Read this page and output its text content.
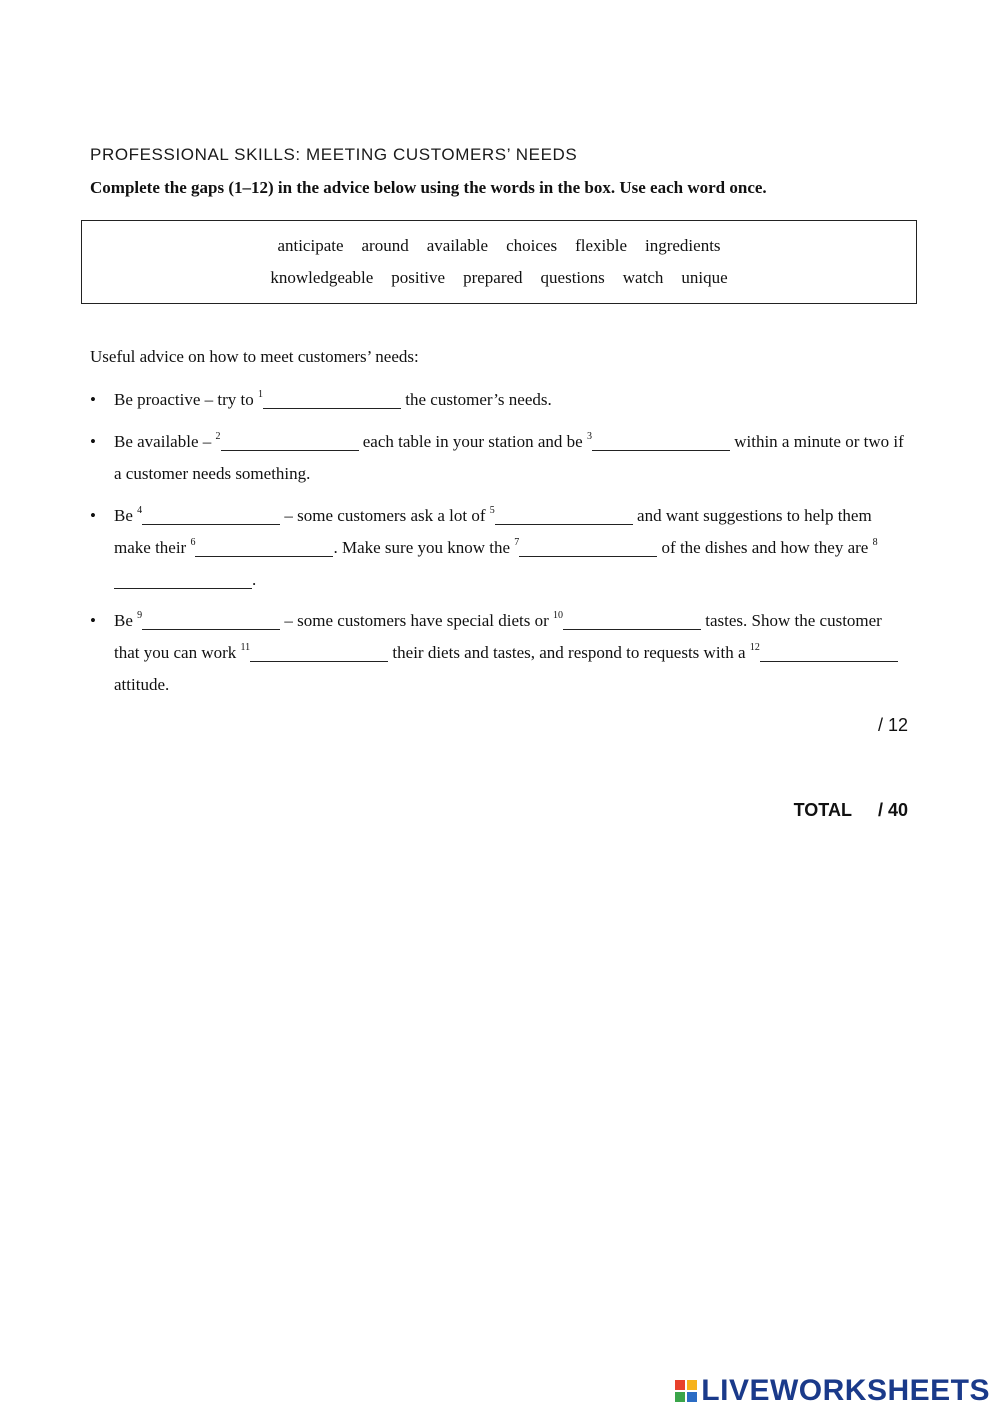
PROFESSIONAL SKILLS: MEETING CUSTOMERS’ NEEDS
Complete the gaps (1–12) in the advice below using the words in the box. Use each word once.
anticipate around available choices flexible ingredients
knowledgeable positive prepared questions watch unique
Useful advice on how to meet customers’ needs:
• Be proactive – try to $^1$	the customer’s needs.
• Be available – $^2$	each table in your station and be $^3$	within a minute or two if a customer needs something.
• Be $^4$	– some customers ask a lot of $^5$	and want suggestions to help them make their $^6$	. Make sure you know the $^7$	of the dishes and how they are $^8$.
• Be $^9$	– some customers have special diets or $^{10}$	tastes. Show the customer that you can work $^{11}$	their diets and tastes, and respond to requests with a $^{12}$ attitude.
/ 12
TOTAL / 40
LIVEWORKSHEETS
